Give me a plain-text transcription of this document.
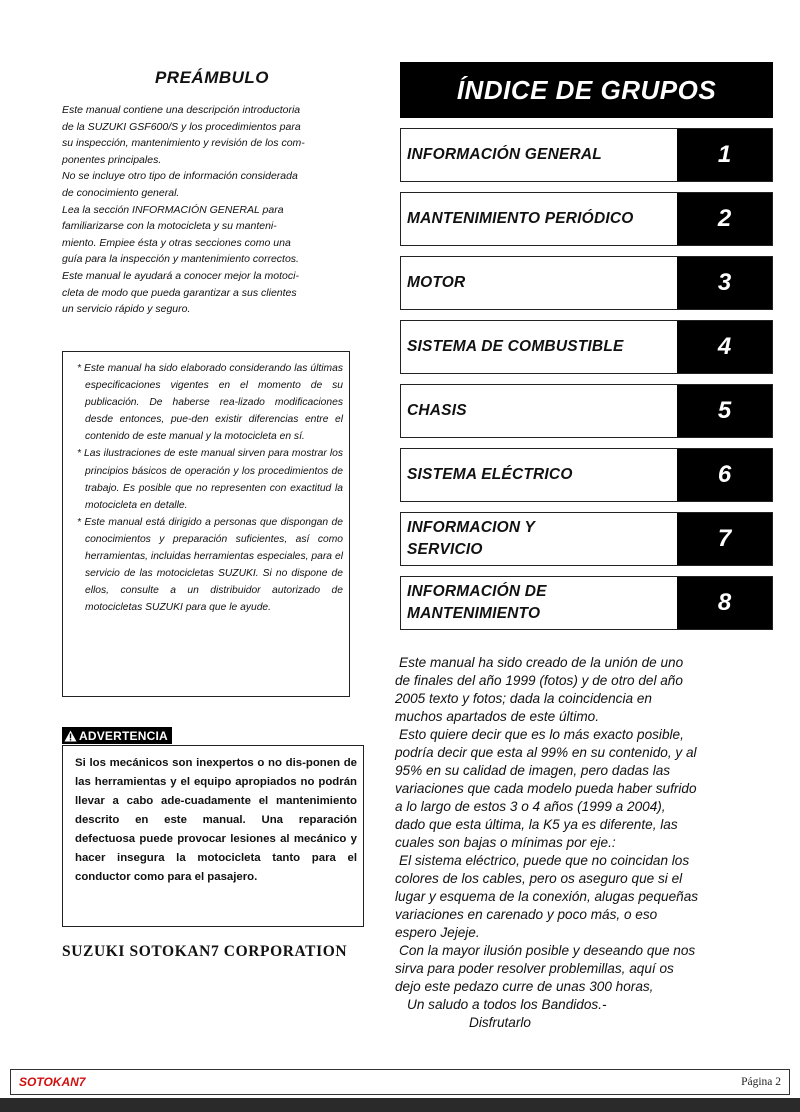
PREÁMBULO

Este manual contiene una descripción introductoria

de la SUZUKI GSF600/S y los procedimientos para

su inspección, mantenimiento y revisión de los com-

ponentes principales.

No se incluye otro tipo de información considerada

de conocimiento general.

Lea la sección INFORMACIÓN GENERAL para

familiarizarse con la motocicleta y su manteni-

miento. Empiee ésta y otras secciones como una

guía para la inspección y mantenimiento correctos.

Este manual le ayudará a conocer mejor la motoci-

cleta de modo que pueda garantizar a sus clientes

un servicio rápido y seguro.

* Este manual ha sido elaborado considerando las últimas especificaciones vigentes en el momento de su publicación. De haberse rea-lizado modificaciones desde entonces, pue-den existir diferencias entre el contenido de este manual y la motocicleta en sí.

* Las ilustraciones de este manual sirven para mostrar los principios básicos de operación y los procedimientos de trabajo. Es posible que no representen con exactitud la motocicleta en detalle.

* Este manual está dirigido a personas que dispongan de conocimientos y preparación suficientes, así como herramientas, incluidas herramientas especiales, para el servicio de las motocicletas SUZUKI. Si no dispone de ellos, consulte a un distribuidor autorizado de motocicletas SUZUKI para que le ayude.

ADVERTENCIA

Si los mecánicos son inexpertos o no dis-ponen de las herramientas y el equipo apropiados no podrán llevar a cabo ade-cuadamente el mantenimiento descrito en este manual. Una reparación defectuosa puede provocar lesiones al mecánico y hacer insegura la motocicleta tanto para el conductor como para el pasajero.

SUZUKI SOTOKAN7 CORPORATION
ÍNDICE DE GRUPOS
INFORMACIÓN GENERAL	1
MANTENIMIENTO PERIÓDICO	2
MOTOR	3
SISTEMA DE COMBUSTIBLE	4
CHASIS	5
SISTEMA ELÉCTRICO	6
INFORMACION Y SERVICIO	7
INFORMACIÓN DE MANTENIMIENTO	8

Este manual ha sido creado de la unión de uno

de finales del año 1999 (fotos) y de otro del año

2005 texto y fotos; dada la coincidencia en

muchos apartados de este último.

Esto quiere decir que es lo más exacto posible,

podría decir que esta al 99% en su contenido, y al

95% en su calidad de imagen, pero dadas las

variaciones que cada modelo pueda haber sufrido

a lo largo de estos 3 o 4 años (1999 a 2004),

dado que esta última, la K5 ya es diferente, las

cuales son bajas o mínimas por eje.:

El sistema eléctrico, puede que no coincidan los

colores de los cables, pero os aseguro que si el

lugar y esquema de la conexión, alugas pequeñas

variaciones en carenado y poco más, o eso

espero Jejeje.

Con la mayor ilusión posible y deseando que nos

sirva para poder resolver problemillas, aquí os

dejo este pedazo curre de unas 300 horas,

Un saludo a todos los Bandidos.-

Disfrutarlo

SOTOKAN7	Página 2
